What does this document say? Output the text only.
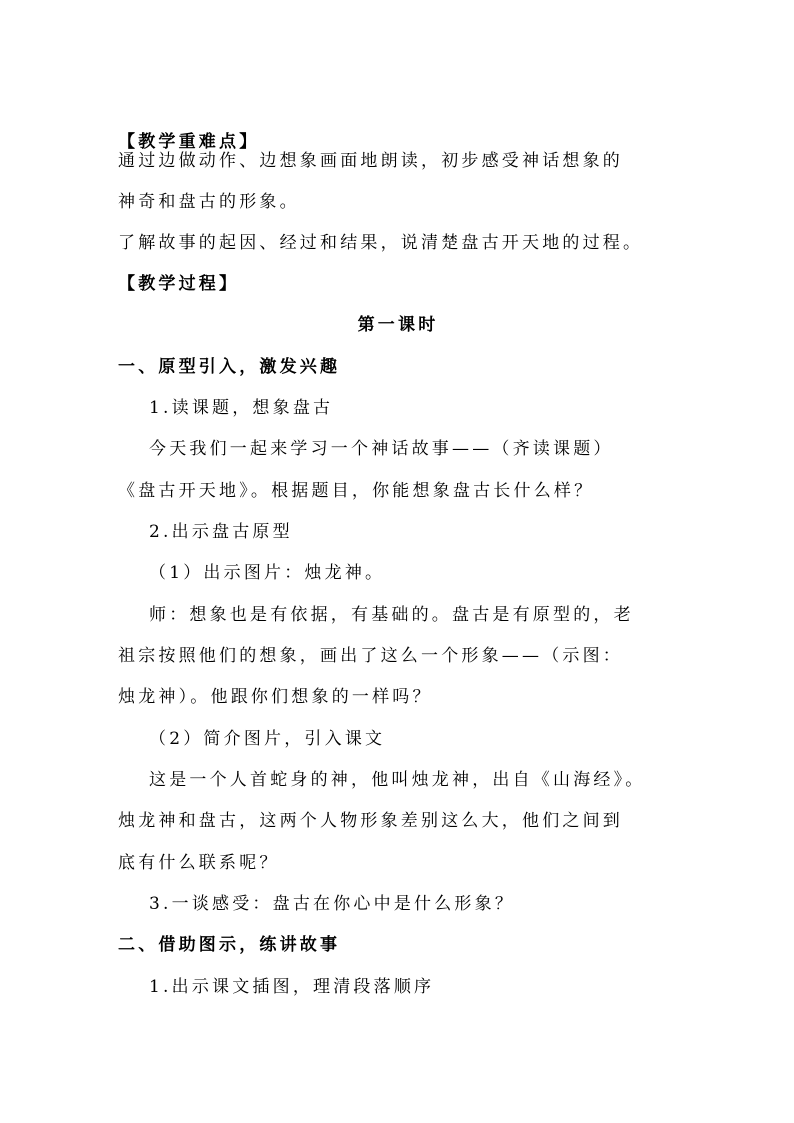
【教学重难点】
通过边做动作、边想象画面地朗读，初步感受神话想象的
神奇和盘古的形象。
了解故事的起因、经过和结果，说清楚盘古开天地的过程。
【教学过程】
第一课时
一、原型引入，激发兴趣
1.读课题，想象盘古
今天我们一起来学习一个神话故事——（齐读课题）
《盘古开天地》。根据题目，你能想象盘古长什么样？
2.出示盘古原型
（1）出示图片：烛龙神。
师：想象也是有依据，有基础的。盘古是有原型的，老
祖宗按照他们的想象，画出了这么一个形象——（示图：
烛龙神）。他跟你们想象的一样吗？
（2）简介图片，引入课文
这是一个人首蛇身的神，他叫烛龙神，出自《山海经》。
烛龙神和盘古，这两个人物形象差别这么大，他们之间到
底有什么联系呢？
3.一谈感受：盘古在你心中是什么形象？
二、借助图示，练讲故事
1.出示课文插图，理清段落顺序
